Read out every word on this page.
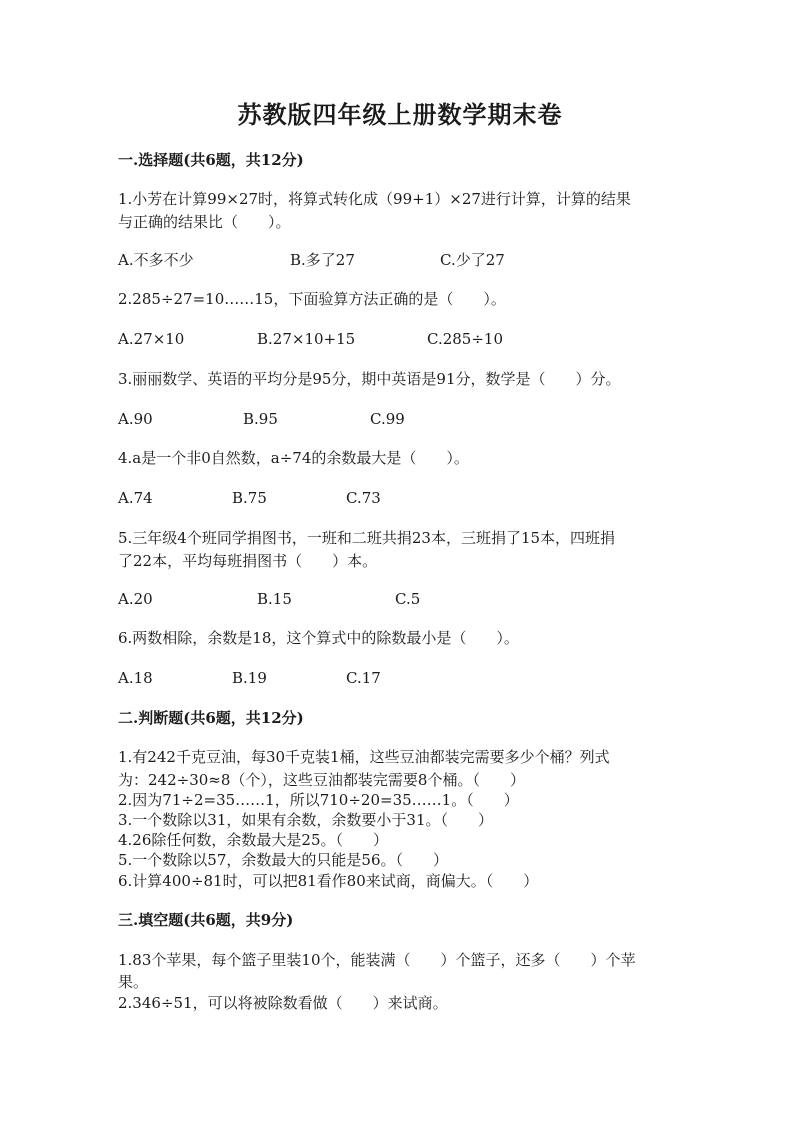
苏教版四年级上册数学期末卷
一.选择题(共6题，共12分)
1.小芳在计算99×27时，将算式转化成（99+1）×27进行计算，计算的结果
与正确的结果比（　　）。
A.不多不少	B.多了27	C.少了27
2.285÷27=10……15，下面验算方法正确的是（　　）。
A.27×10	B.27×10+15	C.285÷10
3.丽丽数学、英语的平均分是95分，期中英语是91分，数学是（　　）分。
A.90	B.95	C.99
4.a是一个非0自然数，a÷74的余数最大是（　　）。
A.74	B.75	C.73
5.三年级4个班同学捐图书，一班和二班共捐23本，三班捐了15本，四班捐
了22本，平均每班捐图书（　　）本。
A.20	B.15	C.5
6.两数相除，余数是18，这个算式中的除数最小是（　　）。
A.18	B.19	C.17
二.判断题(共6题，共12分)
1.有242千克豆油，每30千克装1桶，这些豆油都装完需要多少个桶？列式
为：242÷30≈8（个），这些豆油都装完需要8个桶。（　　）
2.因为71÷2=35……1，所以710÷20=35……1。（　　）
3.一个数除以31，如果有余数，余数要小于31。（　　）
4.26除任何数，余数最大是25。（　　）
5.一个数除以57，余数最大的只能是56。（　　）
6.计算400÷81时，可以把81看作80来试商，商偏大。（　　）
三.填空题(共6题，共9分)
1.83个苹果，每个篮子里装10个，能装满（　　）个篮子，还多（　　）个苹
果。
2.346÷51，可以将被除数看做（　　）来试商。
